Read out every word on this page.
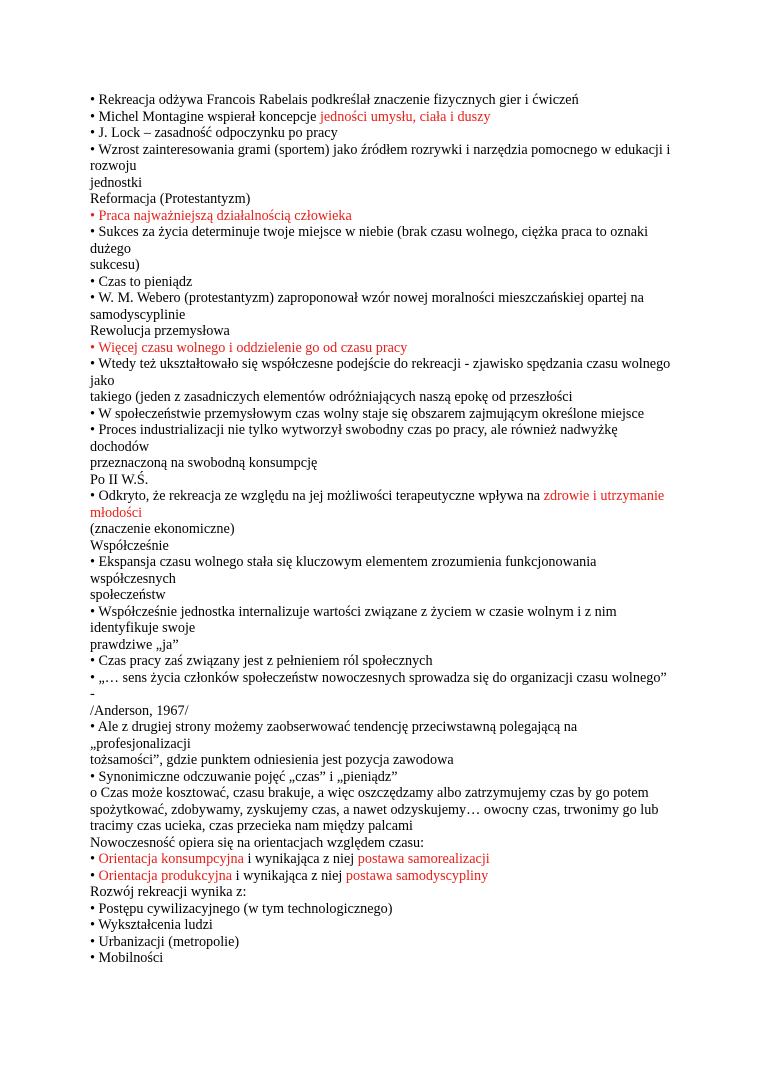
• Rekreacja odżywa Francois Rabelais podkreślał znaczenie fizycznych gier i ćwiczeń
• Michel Montagine wspierał koncepcje jedności umysłu, ciała i duszy
• J. Lock – zasadność odpoczynku po pracy
• Wzrost zainteresowania grami (sportem) jako źródłem rozrywki i narzędzia pomocnego w edukacji i
rozwoju
jednostki
Reformacja (Protestantyzm)
• Praca najważniejszą działalnością człowieka
• Sukces za życia determinuje twoje miejsce w niebie (brak czasu wolnego, ciężka praca to oznaki
dużego
sukcesu)
• Czas to pieniądz
• W. M. Webero (protestantyzm) zaproponował wzór nowej moralności mieszczańskiej opartej na
samodyscyplinie
Rewolucja przemysłowa
• Więcej czasu wolnego i oddzielenie go od czasu pracy
• Wtedy też ukształtowało się współczesne podejście do rekreacji - zjawisko spędzania czasu wolnego
jako
takiego (jeden z zasadniczych elementów odróżniających naszą epokę od przeszłości
• W społeczeństwie przemysłowym czas wolny staje się obszarem zajmującym określone miejsce
• Proces industrializacji nie tylko wytworzył swobodny czas po pracy, ale również nadwyżkę
dochodów
przeznaczoną na swobodną konsumpcję
Po II W.Ś.
• Odkryto, że rekreacja ze względu na jej możliwości terapeutyczne wpływa na zdrowie i utrzymanie
młodości
(znaczenie ekonomiczne)
Współcześnie
• Ekspansja czasu wolnego stała się kluczowym elementem zrozumienia funkcjonowania
współczesnych
społeczeństw
• Współcześnie jednostka internalizuje wartości związane z życiem w czasie wolnym i z nim
identyfikuje swoje
prawdziwe „ja”
• Czas pracy zaś związany jest z pełnieniem ról społecznych
• „… sens życia członków społeczeństw nowoczesnych sprowadza się do organizacji czasu wolnego”
-
/Anderson, 1967/
• Ale z drugiej strony możemy zaobserwować tendencję przeciwstawną polegającą na
„profesjonalizacji
tożsamości”, gdzie punktem odniesienia jest pozycja zawodowa
• Synonimiczne odczuwanie pojęć „czas” i „pieniądz”
o Czas może kosztować, czasu brakuje, a więc oszczędzamy albo zatrzymujemy czas by go potem
spożytkować, zdobywamy, zyskujemy czas, a nawet odzyskujemy… owocny czas, trwonimy go lub
tracimy czas ucieka, czas przecieka nam między palcami
Nowoczesność opiera się na orientacjach względem czasu:
• Orientacja konsumpcyjna i wynikająca z niej postawa samorealizacji
• Orientacja produkcyjna i wynikająca z niej postawa samodyscypliny
Rozwój rekreacji wynika z:
• Postępu cywilizacyjnego (w tym technologicznego)
• Wykształcenia ludzi
• Urbanizacji (metropolie)
• Mobilności
